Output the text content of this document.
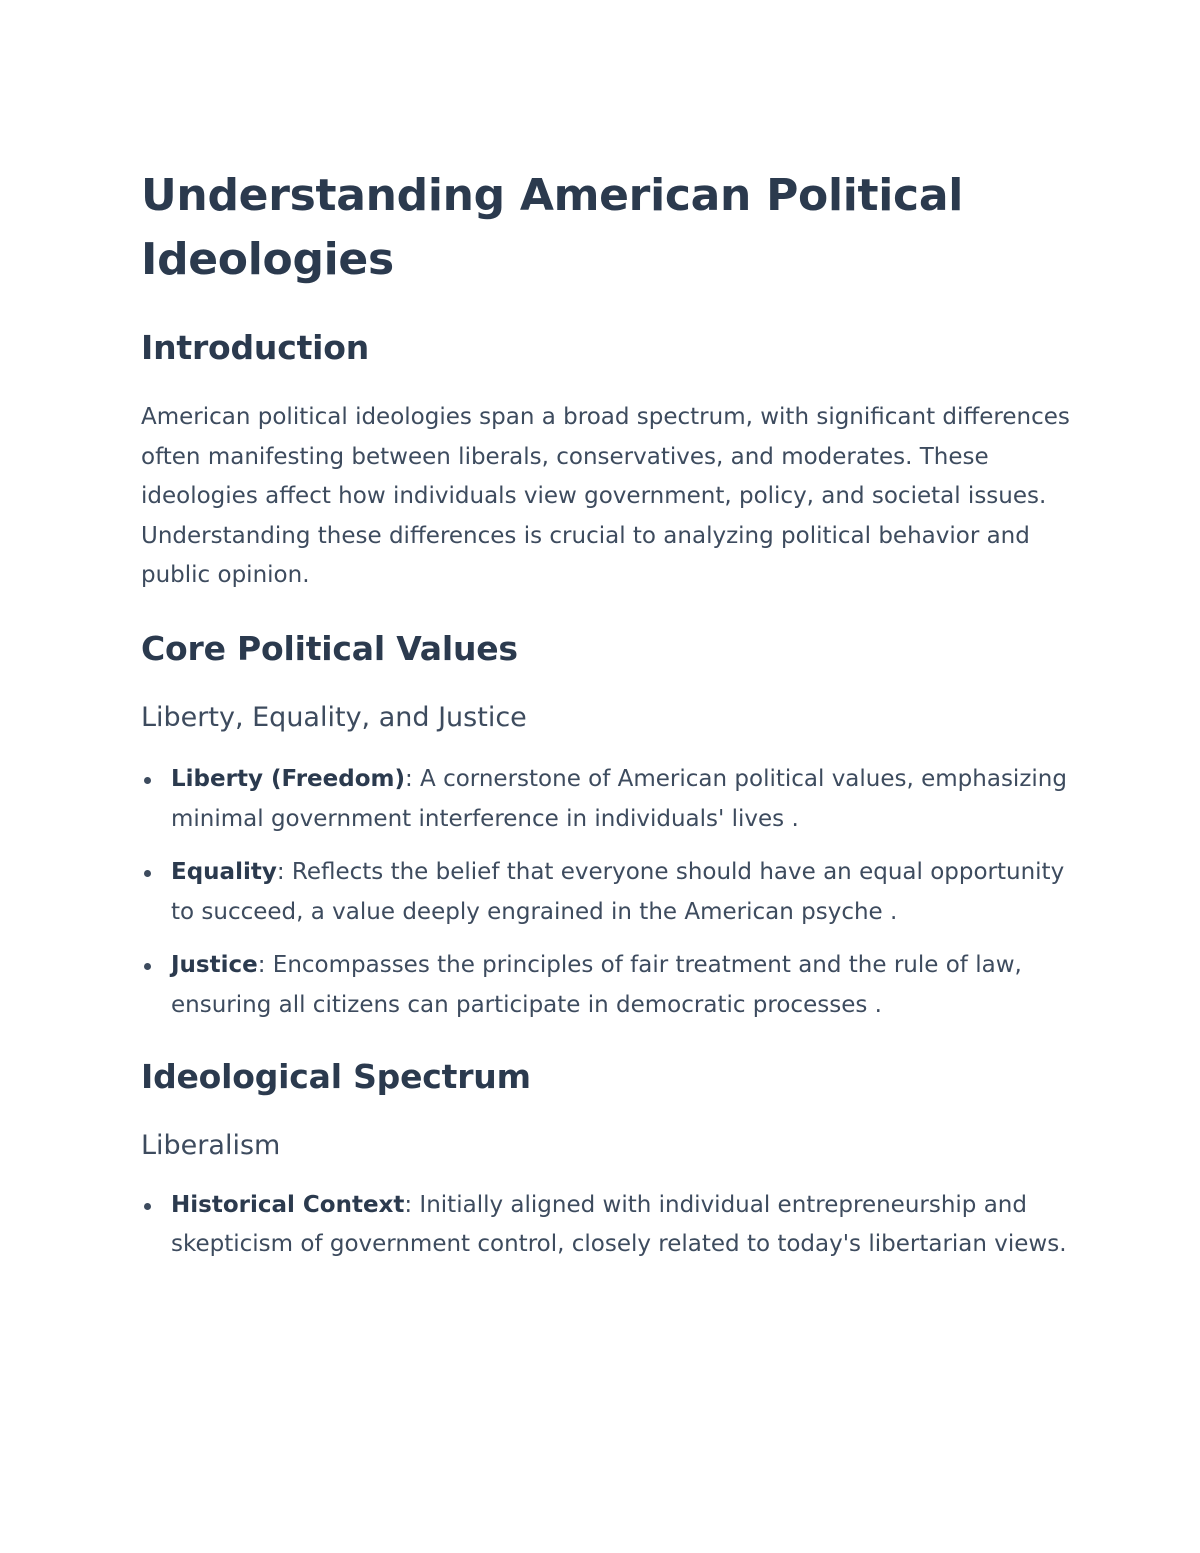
Understanding American Political Ideologies
Introduction

American political ideologies span a broad spectrum, with significant differences often manifesting between liberals, conservatives, and moderates. These ideologies affect how individuals view government, policy, and societal issues. Understanding these differences is crucial to analyzing political behavior and public opinion.

Core Political Values
Liberty, Equality, and Justice
Liberty (Freedom): A cornerstone of American political values, emphasizing minimal government interference in individuals' lives .
Equality: Reflects the belief that everyone should have an equal opportunity to succeed, a value deeply engrained in the American psyche .
Justice: Encompasses the principles of fair treatment and the rule of law, ensuring all citizens can participate in democratic processes .
Ideological Spectrum
Liberalism
Historical Context: Initially aligned with individual entrepreneurship and skepticism of government control, closely related to today's libertarian views.
